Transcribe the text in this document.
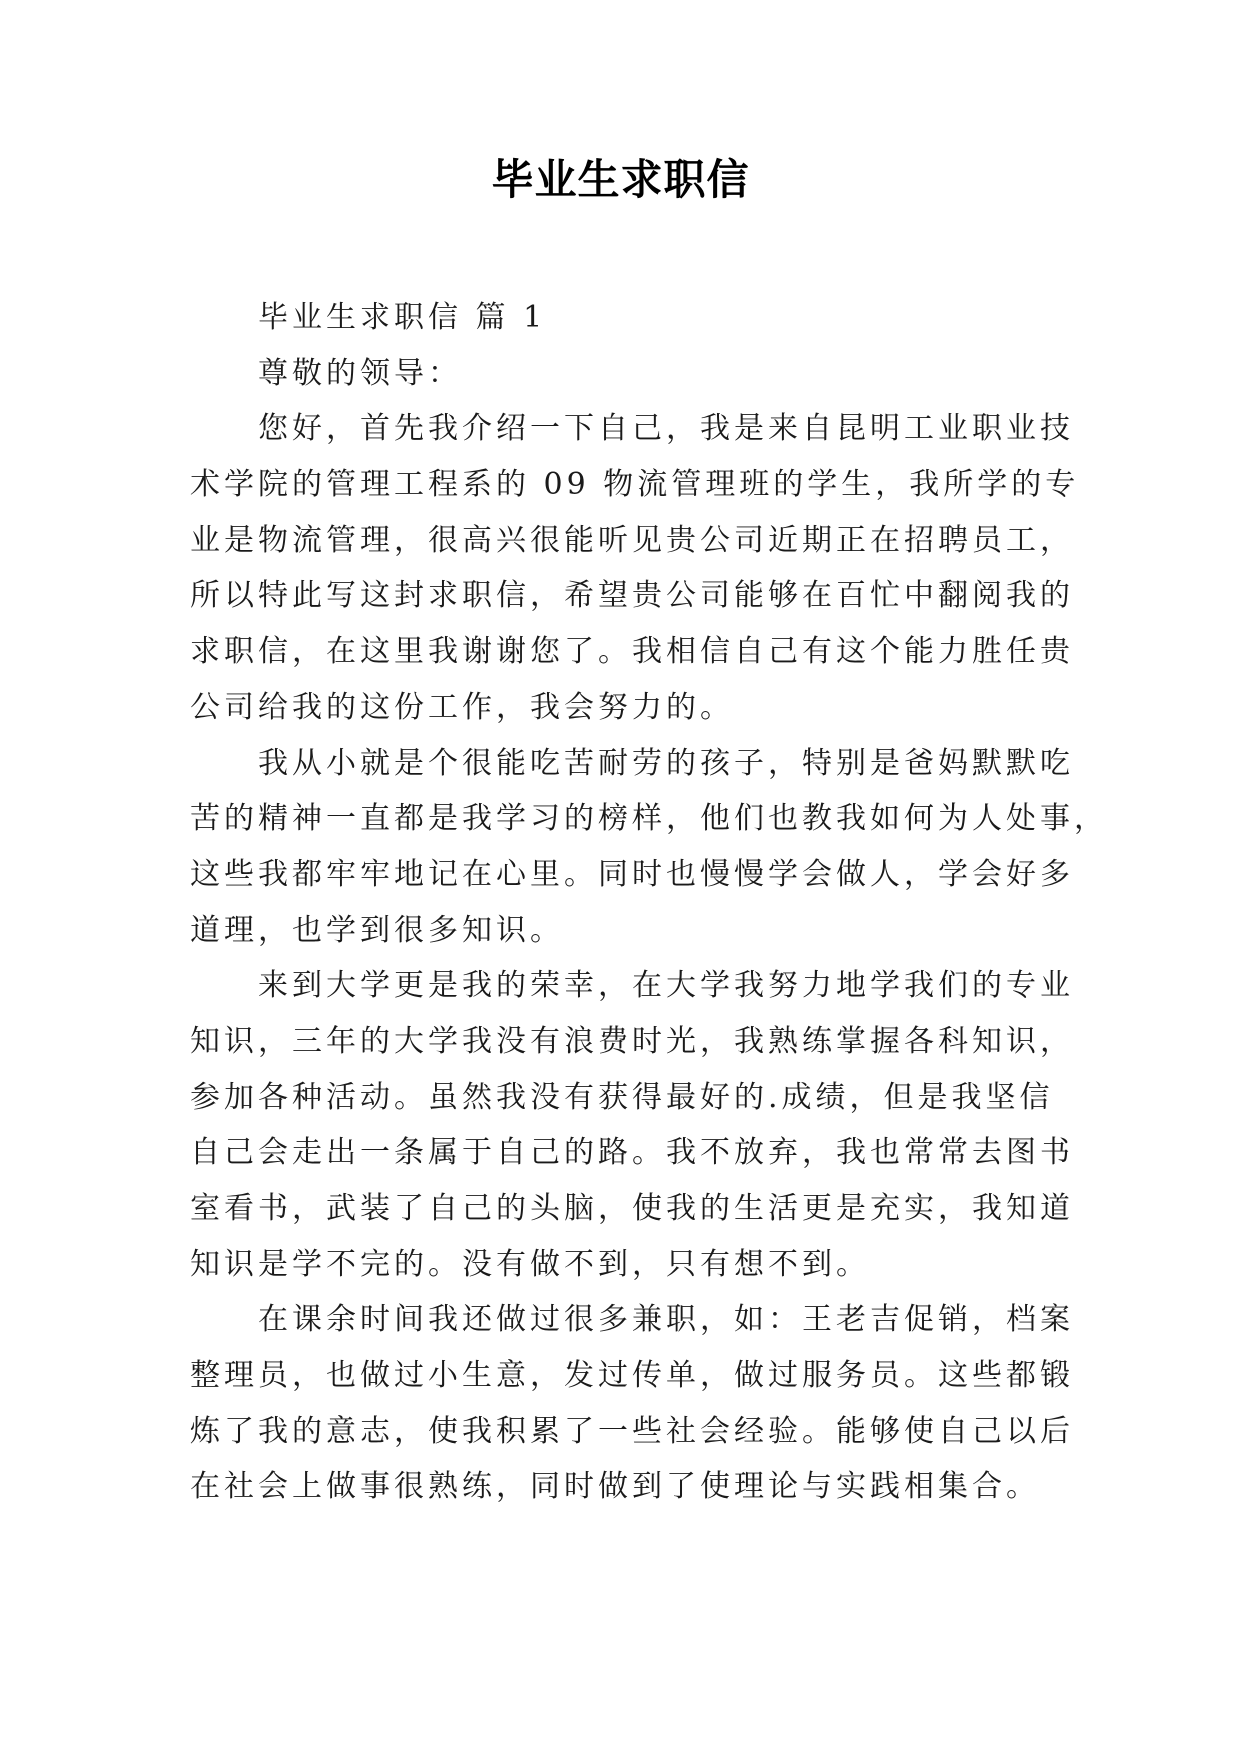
毕业生求职信
毕业生求职信 篇 1
尊敬的领导：
您好，首先我介绍一下自己，我是来自昆明工业职业技
术学院的管理工程系的 09 物流管理班的学生，我所学的专
业是物流管理，很高兴很能听见贵公司近期正在招聘员工，
所以特此写这封求职信，希望贵公司能够在百忙中翻阅我的
求职信，在这里我谢谢您了。我相信自己有这个能力胜任贵
公司给我的这份工作，我会努力的。
我从小就是个很能吃苦耐劳的孩子，特别是爸妈默默吃
苦的精神一直都是我学习的榜样，他们也教我如何为人处事，
这些我都牢牢地记在心里。同时也慢慢学会做人，学会好多
道理，也学到很多知识。
来到大学更是我的荣幸，在大学我努力地学我们的专业
知识，三年的大学我没有浪费时光，我熟练掌握各科知识，
参加各种活动。虽然我没有获得最好的.成绩，但是我坚信
自己会走出一条属于自己的路。我不放弃，我也常常去图书
室看书，武装了自己的头脑，使我的生活更是充实，我知道
知识是学不完的。没有做不到，只有想不到。
在课余时间我还做过很多兼职，如：王老吉促销，档案
整理员，也做过小生意，发过传单，做过服务员。这些都锻
炼了我的意志，使我积累了一些社会经验。能够使自己以后
在社会上做事很熟练，同时做到了使理论与实践相集合。
